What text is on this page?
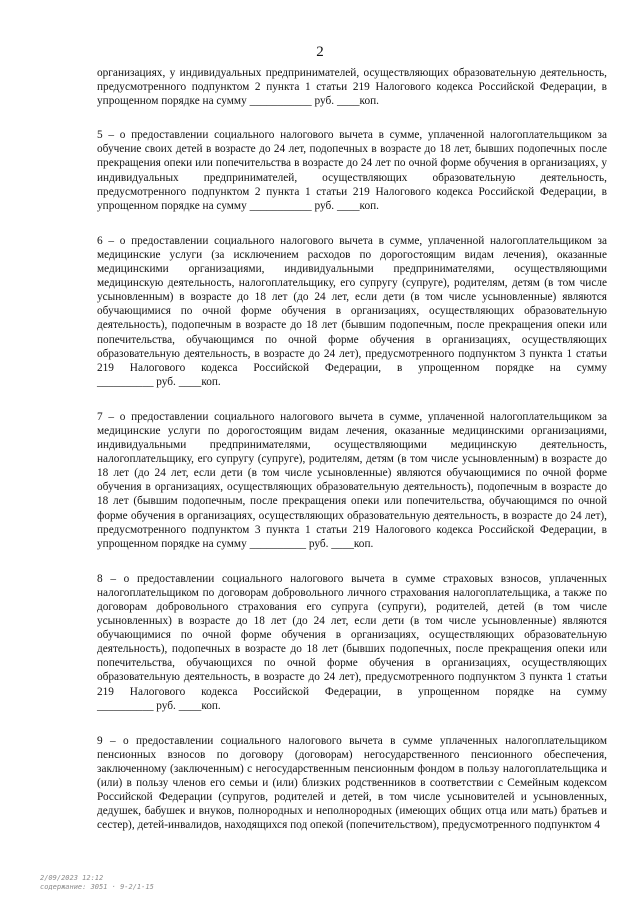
2

организациях, у индивидуальных предпринимателей, осуществляющих образовательную деятельность, предусмотренного подпунктом 2 пункта 1 статьи 219 Налогового кодекса Российской Федерации, в упрощенном порядке на сумму ___________ руб. ____коп.

5 – о предоставлении социального налогового вычета в сумме, уплаченной налогоплательщиком за обучение своих детей в возрасте до 24 лет, подопечных в возрасте до 18 лет, бывших подопечных после прекращения опеки или попечительства в возрасте до 24 лет по очной форме обучения в организациях, у индивидуальных предпринимателей, осуществляющих образовательную деятельность, предусмотренного подпунктом 2 пункта 1 статьи 219 Налогового кодекса Российской Федерации, в упрощенном порядке на сумму ___________ руб. ____коп.

6 – о предоставлении социального налогового вычета в сумме, уплаченной налогоплательщиком за медицинские услуги (за исключением расходов по дорогостоящим видам лечения), оказанные медицинскими организациями, индивидуальными предпринимателями, осуществляющими медицинскую деятельность, налогоплательщику, его супругу (супруге), родителям, детям (в том числе усыновленным) в возрасте до 18 лет (до 24 лет, если дети (в том числе усыновленные) являются обучающимися по очной форме обучения в организациях, осуществляющих образовательную деятельность), подопечным в возрасте до 18 лет (бывшим подопечным, после прекращения опеки или попечительства, обучающимся по очной форме обучения в организациях, осуществляющих образовательную деятельность, в возрасте до 24 лет), предусмотренного подпунктом 3 пункта 1 статьи 219 Налогового кодекса Российской Федерации, в упрощенном порядке на сумму __________ руб. ____коп.

7 – о предоставлении социального налогового вычета в сумме, уплаченной налогоплательщиком за медицинские услуги по дорогостоящим видам лечения, оказанные медицинскими организациями, индивидуальными предпринимателями, осуществляющими медицинскую деятельность, налогоплательщику, его супругу (супруге), родителям, детям (в том числе усыновленным) в возрасте до 18 лет (до 24 лет, если дети (в том числе усыновленные) являются обучающимися по очной форме обучения в организациях, осуществляющих образовательную деятельность), подопечным в возрасте до 18 лет (бывшим подопечным, после прекращения опеки или попечительства, обучающимся по очной форме обучения в организациях, осуществляющих образовательную деятельность, в возрасте до 24 лет), предусмотренного подпунктом 3 пункта 1 статьи 219 Налогового кодекса Российской Федерации, в упрощенном порядке на сумму __________ руб. ____коп.

8 – о предоставлении социального налогового вычета в сумме страховых взносов, уплаченных налогоплательщиком по договорам добровольного личного страхования налогоплательщика, а также по договорам добровольного страхования его супруга (супруги), родителей, детей (в том числе усыновленных) в возрасте до 18 лет (до 24 лет, если дети (в том числе усыновленные) являются обучающимися по очной форме обучения в организациях, осуществляющих образовательную деятельность), подопечных в возрасте до 18 лет (бывших подопечных, после прекращения опеки или попечительства, обучающихся по очной форме обучения в организациях, осуществляющих образовательную деятельность, в возрасте до 24 лет), предусмотренного подпунктом 3 пункта 1 статьи 219 Налогового кодекса Российской Федерации, в упрощенном порядке на сумму __________ руб. ____коп.

9 – о предоставлении социального налогового вычета в сумме уплаченных налогоплательщиком пенсионных взносов по договору (договорам) негосударственного пенсионного обеспечения, заключенному (заключенным) с негосударственным пенсионным фондом в пользу налогоплательщика и (или) в пользу членов его семьи и (или) близких родственников в соответствии с Семейным кодексом Российской Федерации (супругов, родителей и детей, в том числе усыновителей и усыновленных, дедушек, бабушек и внуков, полнородных и неполнородных (имеющих общих отца или мать) братьев и сестер), детей-инвалидов, находящихся под опекой (попечительством), предусмотренного подпунктом 4

2/09/2023 12:12
содержание: 3051 · 9-2/1-15
